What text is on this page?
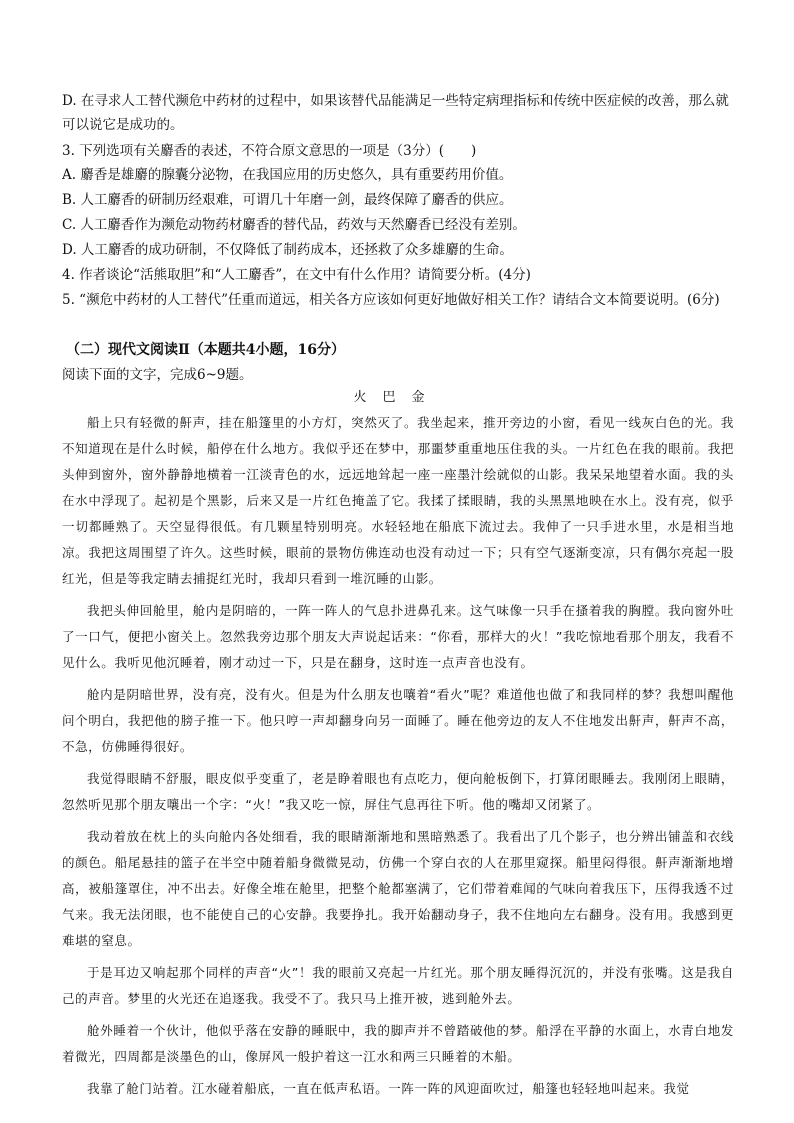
D. 在寻求人工替代濒危中药材的过程中，如果该替代品能满足一些特定病理指标和传统中医症候的改善，那么就可以说它是成功的。

3. 下列选项有关麝香的表述，不符合原文意思的一项是（3分）(　　)

A. 麝香是雄麝的腺囊分泌物，在我国应用的历史悠久，具有重要药用价值。

B. 人工麝香的研制历经艰难，可谓几十年磨一剑，最终保障了麝香的供应。

C. 人工麝香作为濒危动物药材麝香的替代品，药效与天然麝香已经没有差别。

D. 人工麝香的成功研制，不仅降低了制药成本，还拯救了众多雄麝的生命。

4. 作者谈论“活熊取胆”和“人工麝香”，在文中有什么作用？请简要分析。(4分)

5. “濒危中药材的人工替代”任重而道远，相关各方应该如何更好地做好相关工作？请结合文本简要说明。(6分)

（二）现代文阅读Ⅱ（本题共4小题，16分）

阅读下面的文字，完成6~9题。

火巴金

船上只有轻微的鼾声，挂在船篷里的小方灯，突然灭了。我坐起来，推开旁边的小窗，看见一线灰白色的光。我不知道现在是什么时候，船停在什么地方。我似乎还在梦中，那噩梦重重地压住我的头。一片红色在我的眼前。我把头伸到窗外，窗外静静地横着一江淡青色的水，远远地耸起一座一座墨汁绘就似的山影。我呆呆地望着水面。我的头在水中浮现了。起初是个黑影，后来又是一片红色掩盖了它。我揉了揉眼睛，我的头黑黑地映在水上。没有亮，似乎一切都睡熟了。天空显得很低。有几颗星特别明亮。水轻轻地在船底下流过去。我伸了一只手进水里，水是相当地凉。我把这周围望了许久。这些时候，眼前的景物仿佛连动也没有动过一下；只有空气逐渐变凉，只有偶尔亮起一股红光，但是等我定睛去捕捉红光时，我却只看到一堆沉睡的山影。

我把头伸回舱里，舱内是阴暗的，一阵一阵人的气息扑进鼻孔来。这气味像一只手在搔着我的胸膛。我向窗外吐了一口气，便把小窗关上。忽然我旁边那个朋友大声说起话来：“你看，那样大的火！”我吃惊地看那个朋友，我看不见什么。我听见他沉睡着，刚才动过一下，只是在翻身，这时连一点声音也没有。

舱内是阴暗世界，没有亮，没有火。但是为什么朋友也嚷着“看火”呢？难道他也做了和我同样的梦？我想叫醒他问个明白，我把他的膀子推一下。他只哼一声却翻身向另一面睡了。睡在他旁边的友人不住地发出鼾声，鼾声不高，不急，仿佛睡得很好。

我觉得眼睛不舒服，眼皮似乎变重了，老是睁着眼也有点吃力，便向舱板倒下，打算闭眼睡去。我刚闭上眼睛，忽然听见那个朋友嚷出一个字：“火！”我又吃一惊，屏住气息再往下听。他的嘴却又闭紧了。

我动着放在枕上的头向舱内各处细看，我的眼睛渐渐地和黑暗熟悉了。我看出了几个影子，也分辨出铺盖和衣线的颜色。船尾悬挂的篮子在半空中随着船身微微晃动，仿佛一个穿白衣的人在那里窥探。船里闷得很。鼾声渐渐地增高，被船篷罩住，冲不出去。好像全堆在舱里，把整个舱都塞满了，它们带着难闻的气味向着我压下，压得我透不过气来。我无法闭眼，也不能使自己的心安静。我要挣扎。我开始翻动身子，我不住地向左右翻身。没有用。我感到更难堪的窒息。

于是耳边又响起那个同样的声音“火”！我的眼前又亮起一片红光。那个朋友睡得沉沉的，并没有张嘴。这是我自己的声音。梦里的火光还在追逐我。我受不了。我只马上推开被，逃到舱外去。

舱外睡着一个伙计，他似乎落在安静的睡眠中，我的脚声并不曾踏破他的梦。船浮在平静的水面上，水青白地发着微光，四周都是淡墨色的山，像屏风一般护着这一江水和两三只睡着的木船。

我靠了舱门站着。江水碰着船底，一直在低声私语。一阵一阵的风迎面吹过，船篷也轻轻地叫起来。我觉
